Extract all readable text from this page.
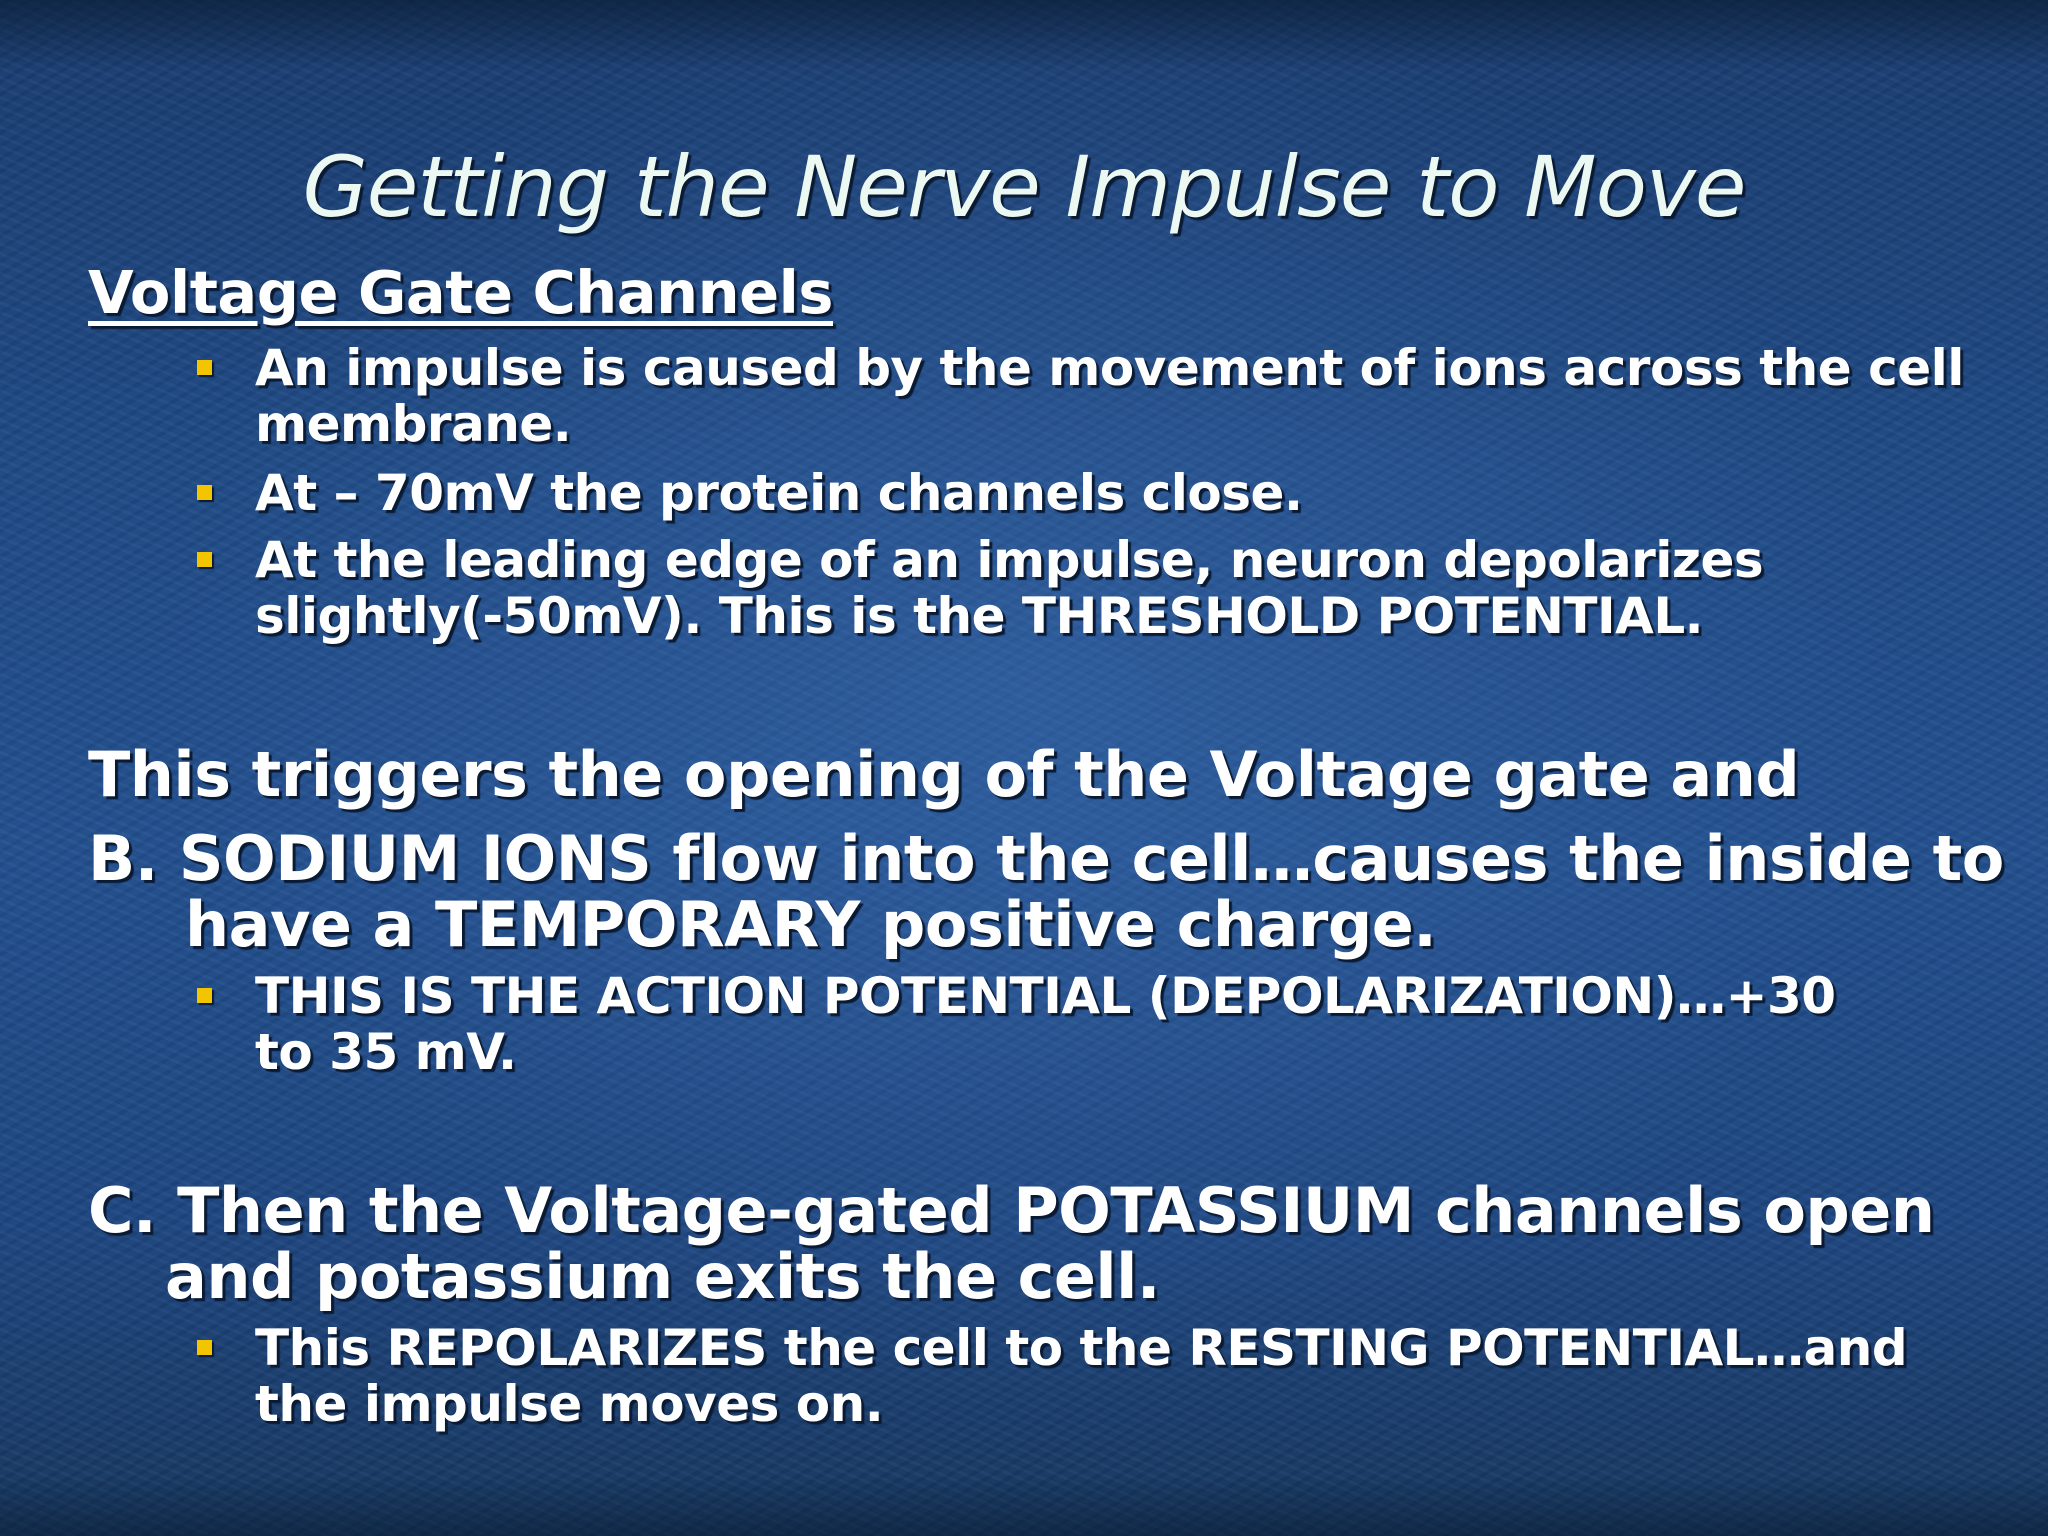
Getting the Nerve Impulse to Move
Voltage Gate Channels
An impulse is caused by the movement of ions across the cell
membrane.
At – 70mV the protein channels close.
At the leading edge of an impulse, neuron depolarizes
slightly(-50mV). This is the THRESHOLD POTENTIAL.
This triggers the opening of the Voltage gate and
B. SODIUM IONS flow into the cell…causes the inside to
have a TEMPORARY positive charge.
THIS IS THE ACTION POTENTIAL (DEPOLARIZATION)…+30
to 35 mV.
C. Then the Voltage-gated POTASSIUM channels open
and potassium exits the cell.
This REPOLARIZES the cell to the RESTING POTENTIAL…and
the impulse moves on.
